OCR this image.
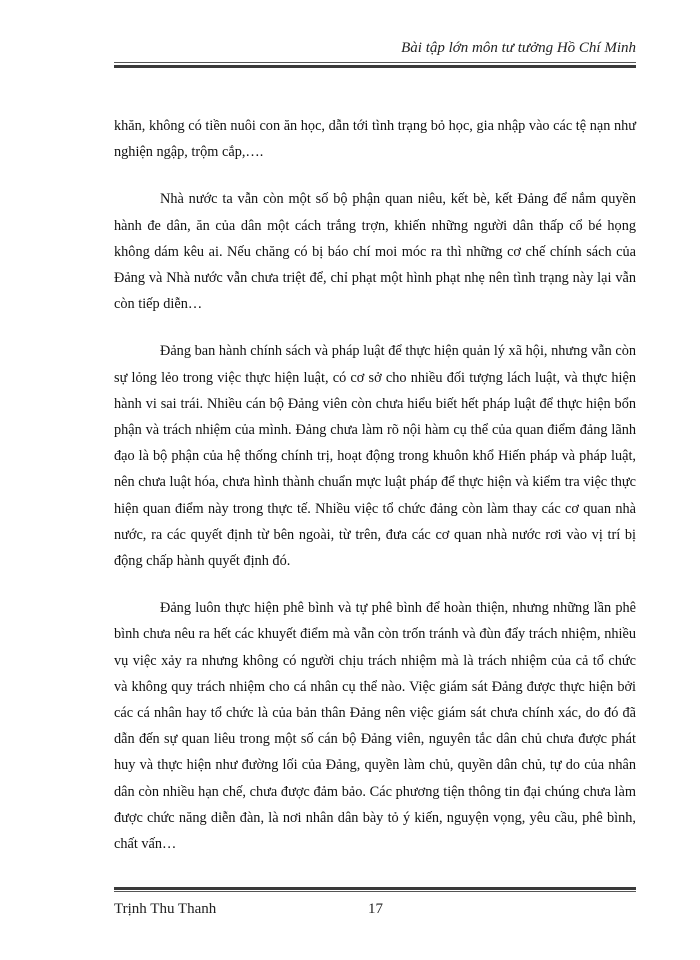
Bài tập lớn môn tư tưởng Hồ Chí Minh

khăn, không có tiền nuôi con ăn học, dẫn tới tình trạng bỏ học, gia nhập vào các tệ nạn như nghiện ngập, trộm cắp,….

Nhà nước ta vẫn còn một số bộ phận quan niêu, kết bè, kết Đảng để nắm quyền hành đe dân, ăn của dân một cách trắng trợn, khiến những người dân thấp cổ bé họng không dám kêu ai. Nếu chăng có bị báo chí moi móc ra thì những cơ chế chính sách của Đảng và Nhà nước vẫn chưa triệt để, chỉ phạt một hình phạt nhẹ nên tình trạng này lại vẫn còn tiếp diễn…

Đảng ban hành chính sách và pháp luật để thực hiện quản lý xã hội, nhưng vẫn còn sự lỏng lẻo trong việc thực hiện luật, có cơ sở cho nhiều đối tượng lách luật, và thực hiện hành vi sai trái. Nhiều cán bộ Đảng viên còn chưa hiểu biết hết pháp luật để thực hiện bổn phận và trách nhiệm của mình. Đảng chưa làm rõ nội hàm cụ thể của quan điểm đảng lãnh đạo là bộ phận của hệ thống chính trị, hoạt động trong khuôn khổ Hiến pháp và pháp luật, nên chưa luật hóa, chưa hình thành chuẩn mực luật pháp để thực hiện và kiểm tra việc thực hiện quan điểm này trong thực tế. Nhiều việc tổ chức đảng còn làm thay các cơ quan nhà nước, ra các quyết định từ bên ngoài, từ trên, đưa các cơ quan nhà nước rơi vào vị trí bị động chấp hành quyết định đó.

Đảng luôn thực hiện phê bình và tự phê bình để hoàn thiện, nhưng những lần phê bình chưa nêu ra hết các khuyết điểm mà vẫn còn trốn tránh và đùn đẩy trách nhiệm, nhiều vụ việc xảy ra nhưng không có người chịu trách nhiệm mà là trách nhiệm của cả tổ chức và không quy trách nhiệm cho cá nhân cụ thể nào. Việc giám sát Đảng được thực hiện bởi các cá nhân hay tổ chức là của bản thân Đảng nên việc giám sát chưa chính xác, do đó đã dẫn đến sự quan liêu trong một số cán bộ Đảng viên, nguyên tắc dân chủ chưa được phát huy và thực hiện như đường lối của Đảng, quyền làm chủ, quyền dân chủ, tự do của nhân dân còn nhiều hạn chế, chưa được đảm bảo. Các phương tiện thông tin đại chúng chưa làm được chức năng diễn đàn, là nơi nhân dân bày tỏ ý kiến, nguyện vọng, yêu cầu, phê bình, chất vấn…

Trịnh Thu Thanh	17
